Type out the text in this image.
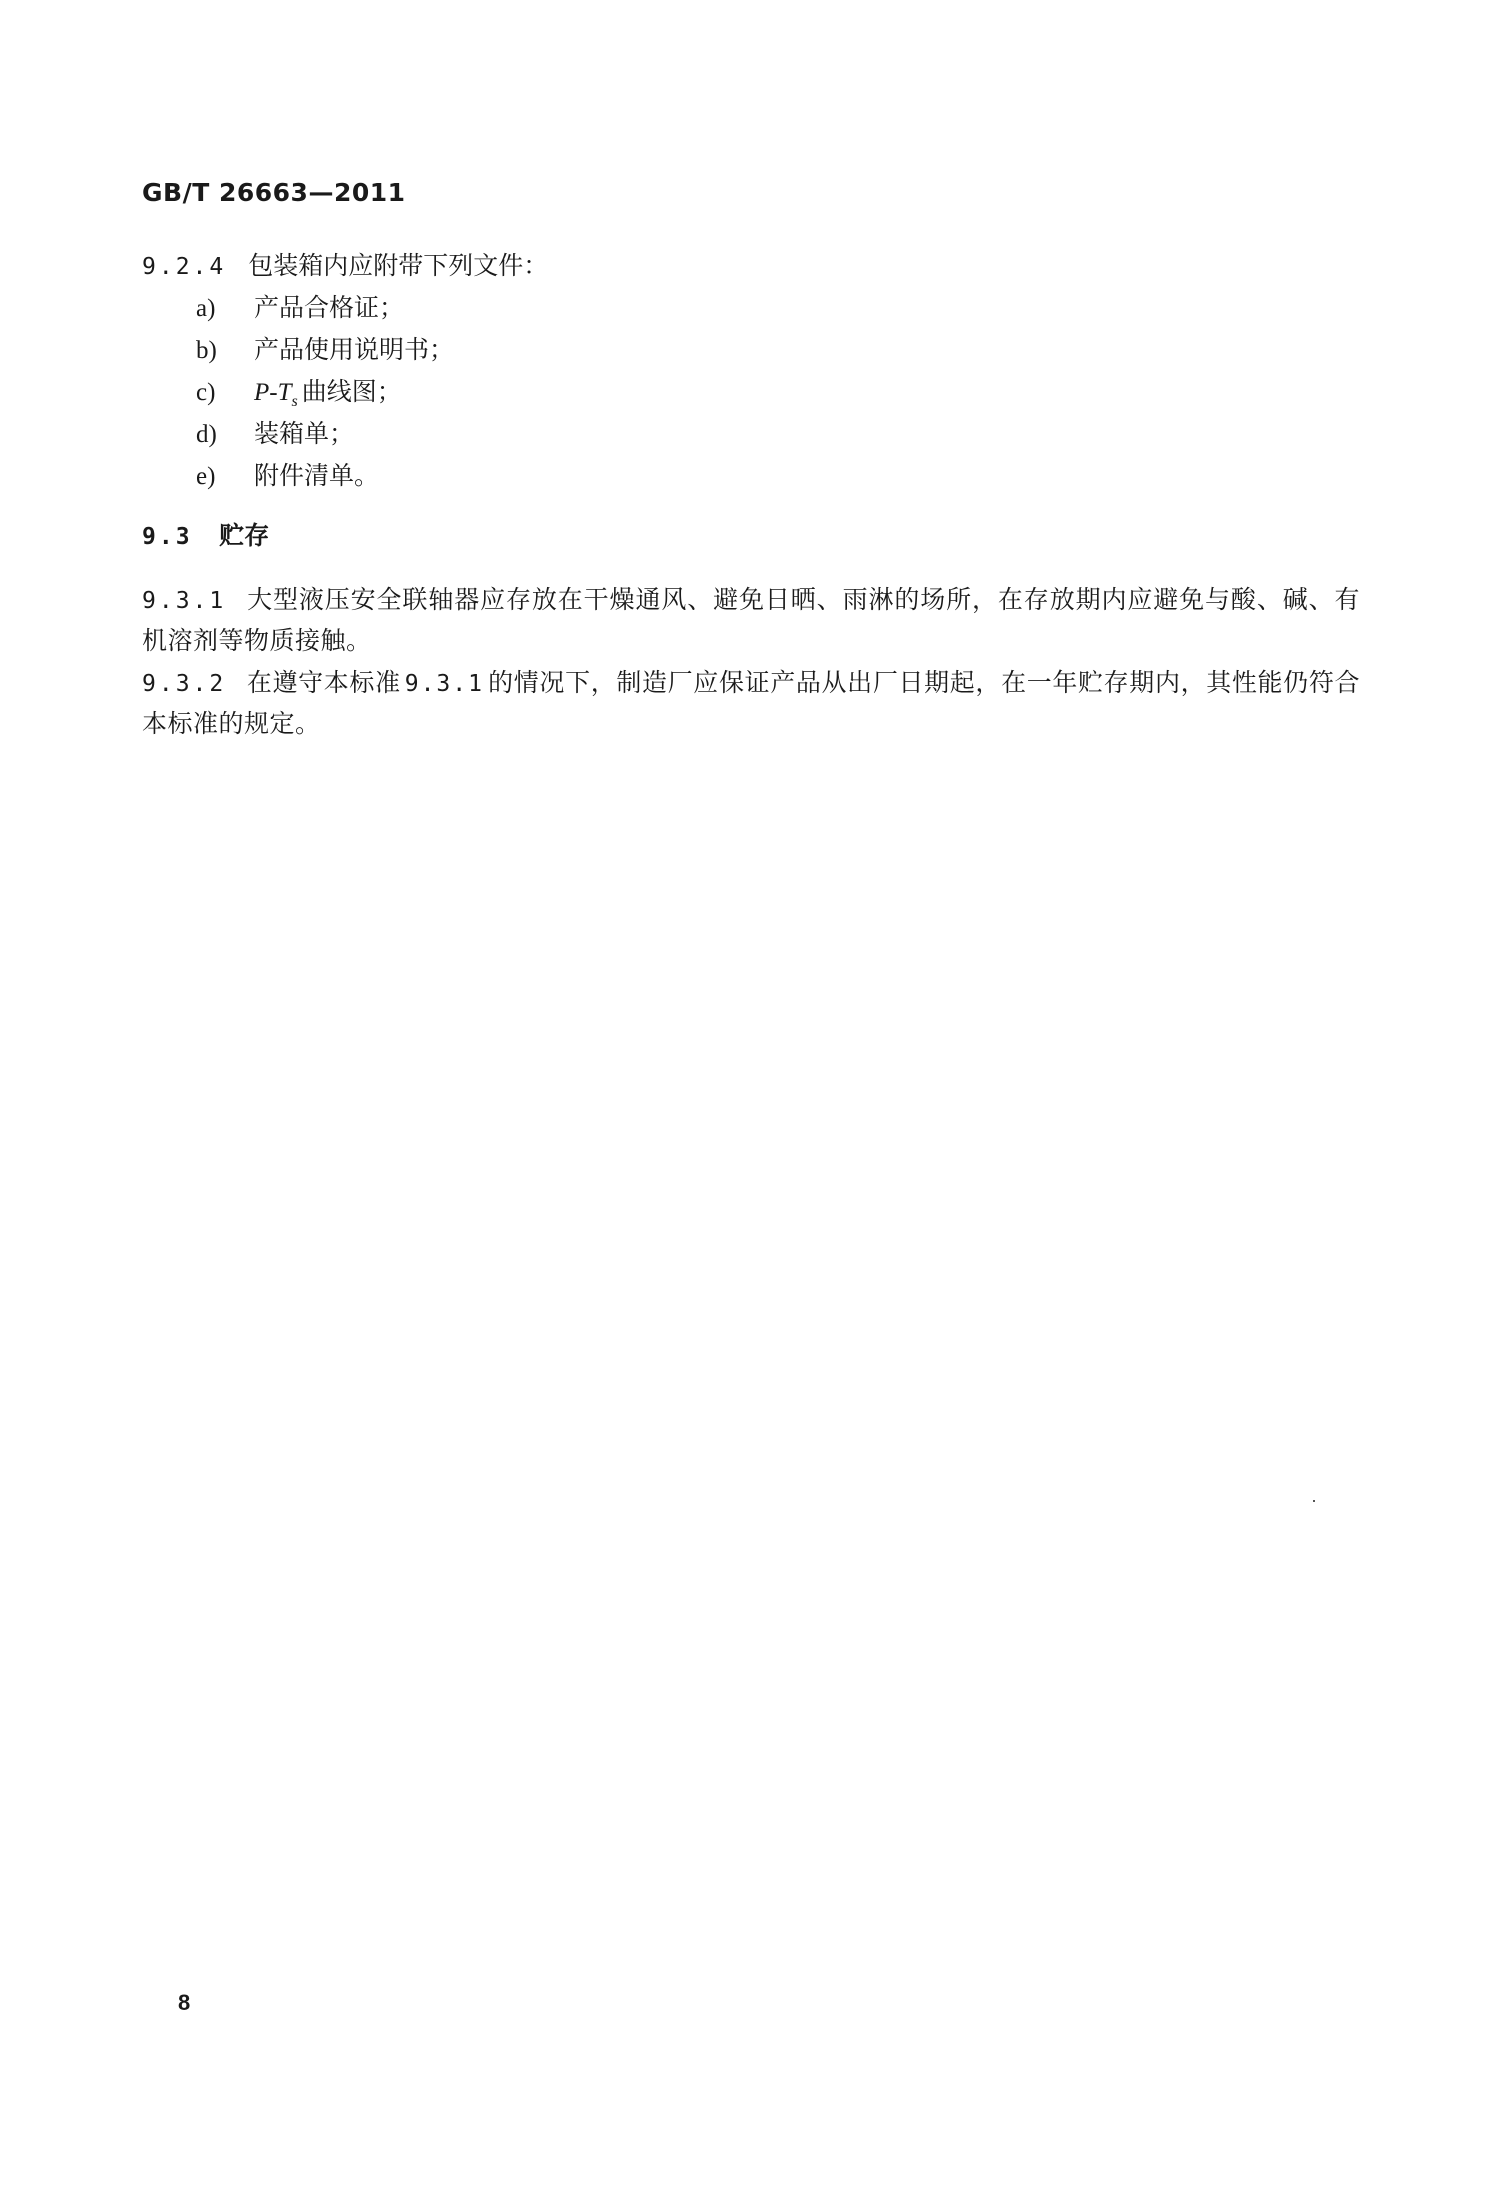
GB/T 26663—2011
9.2.4 包装箱内应附带下列文件：
a) 产品合格证；
b) 产品使用说明书；
c) $P-T_s$ 曲线图；
d) 装箱单；
e) 附件清单。
9.3 贮存
9.3.1 大型液压安全联轴器应存放在干燥通风、避免日晒、雨淋的场所，在存放期内应避免与酸、碱、有机溶剂等物质接触。
9.3.2 在遵守本标准 9.3.1 的情况下，制造厂应保证产品从出厂日期起，在一年贮存期内，其性能仍符合本标准的规定。
8
